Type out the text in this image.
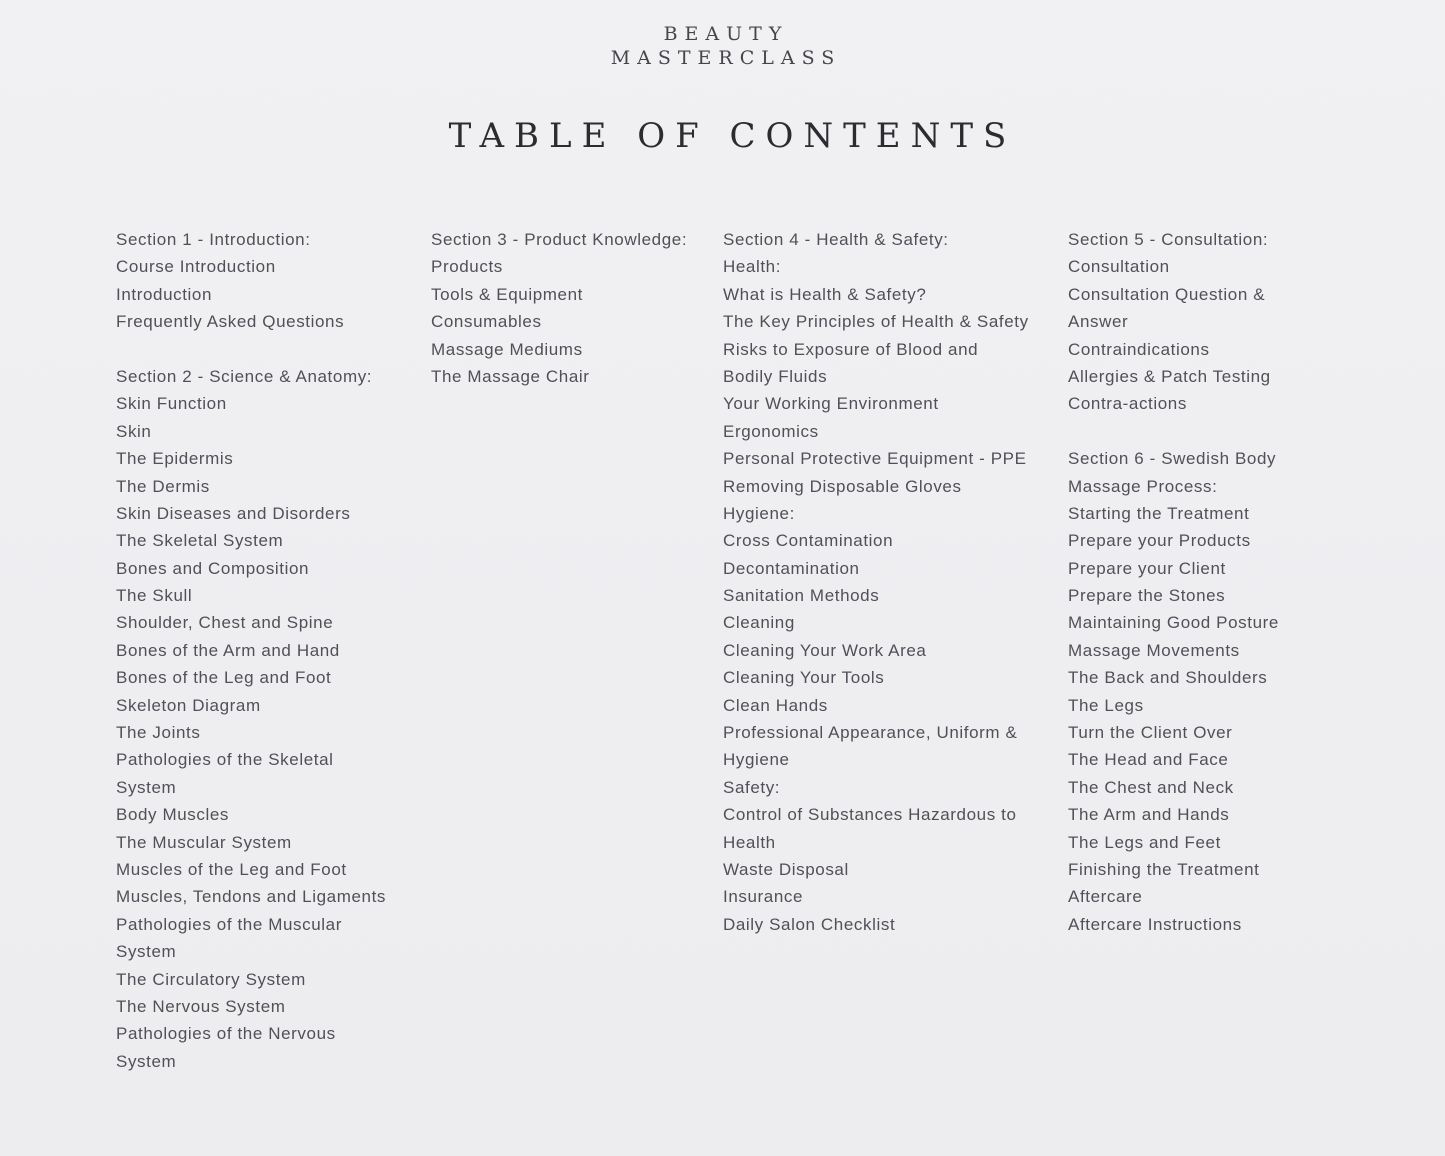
BEAUTY
MASTERCLASS
TABLE OF CONTENTS
Section 1 - Introduction:
Course Introduction
Introduction
Frequently Asked Questions
Section 2 - Science & Anatomy:
Skin Function
Skin
The Epidermis
The Dermis
Skin Diseases and Disorders
The Skeletal System
Bones and Composition
The Skull
Shoulder, Chest and Spine
Bones of the Arm and Hand
Bones of the Leg and Foot
Skeleton Diagram
The Joints
Pathologies of the Skeletal
System
Body Muscles
The Muscular System
Muscles of the Leg and Foot
Muscles, Tendons and Ligaments
Pathologies of the Muscular
System
The Circulatory System
The Nervous System
Pathologies of the Nervous
System
Section 3 - Product Knowledge:
Products
Tools & Equipment
Consumables
Massage Mediums
The Massage Chair
Section 4 - Health & Safety:
Health:
What is Health & Safety?
The Key Principles of Health & Safety
Risks to Exposure of Blood and
Bodily Fluids
Your Working Environment
Ergonomics
Personal Protective Equipment - PPE
Removing Disposable Gloves
Hygiene:
Cross Contamination
Decontamination
Sanitation Methods
Cleaning
Cleaning Your Work Area
Cleaning Your Tools
Clean Hands
Professional Appearance, Uniform &
Hygiene
Safety:
Control of Substances Hazardous to
Health
Waste Disposal
Insurance
Daily Salon Checklist
Section 5 - Consultation:
Consultation
Consultation Question &
Answer
Contraindications
Allergies & Patch Testing
Contra-actions
Section 6 - Swedish Body
Massage Process:
Starting the Treatment
Prepare your Products
Prepare your Client
Prepare the Stones
Maintaining Good Posture
Massage Movements
The Back and Shoulders
The Legs
Turn the Client Over
The Head and Face
The Chest and Neck
The Arm and Hands
The Legs and Feet
Finishing the Treatment
Aftercare
Aftercare Instructions
